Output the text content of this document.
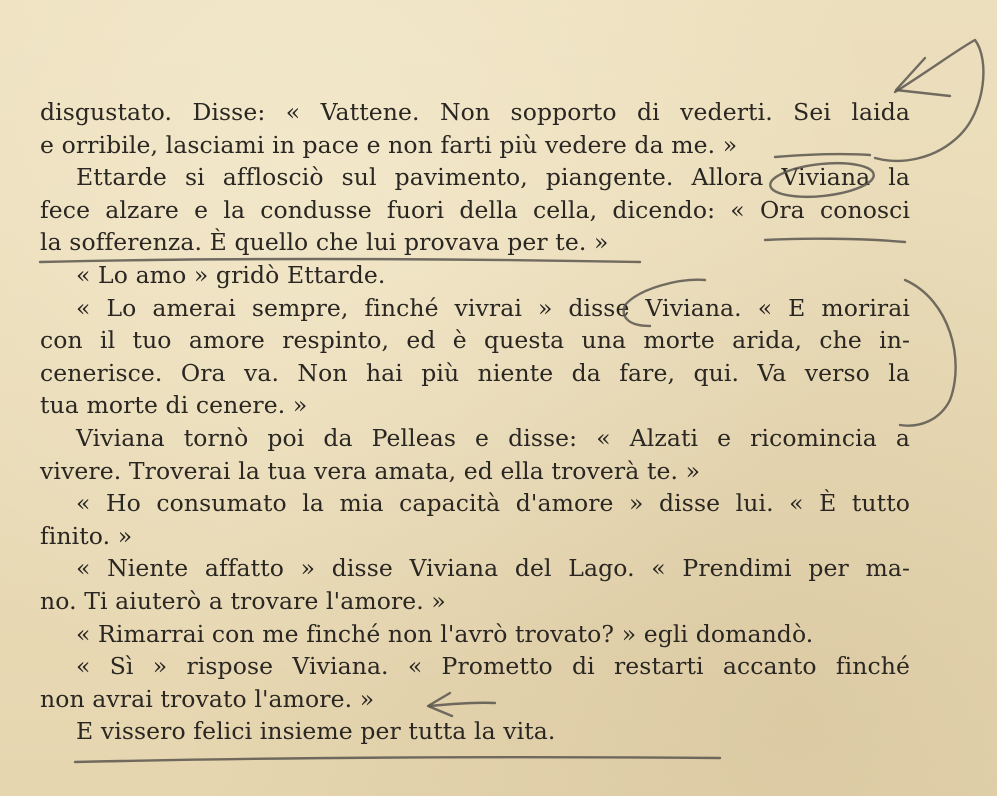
disgustato. Disse: « Vattene. Non sopporto di vederti. Sei laida
e orribile, lasciami in pace e non farti più vedere da me. »
Ettarde si afflosciò sul pavimento, piangente. Allora Viviana la
fece alzare e la condusse fuori della cella, dicendo: « Ora conosci
la sofferenza. È quello che lui provava per te. »
« Lo amo » gridò Ettarde.
« Lo amerai sempre, finché vivrai » disse Viviana. « E morirai
con il tuo amore respinto, ed è questa una morte arida, che in-
cenerisce. Ora va. Non hai più niente da fare, qui. Va verso la
tua morte di cenere. »
Viviana tornò poi da Pelleas e disse: « Alzati e ricomincia a
vivere. Troverai la tua vera amata, ed ella troverà te. »
« Ho consumato la mia capacità d'amore » disse lui. « È tutto
finito. »
« Niente affatto » disse Viviana del Lago. « Prendimi per ma-
no. Ti aiuterò a trovare l'amore. »
« Rimarrai con me finché non l'avrò trovato? » egli domandò.
« Sì » rispose Viviana. « Prometto di restarti accanto finché
non avrai trovato l'amore. »
E vissero felici insieme per tutta la vita.
